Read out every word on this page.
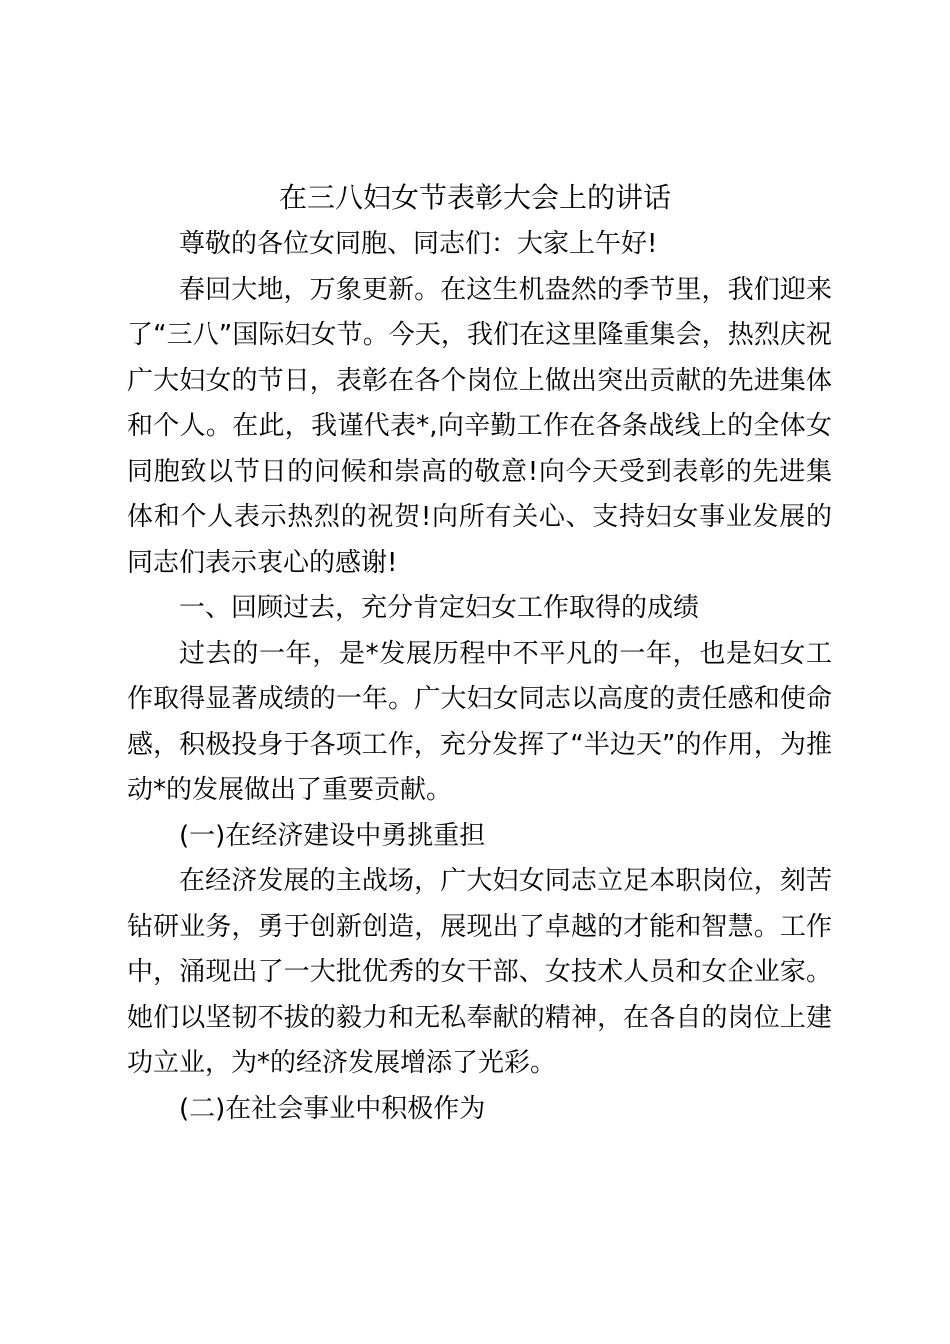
在三八妇女节表彰大会上的讲话

尊敬的各位女同胞、同志们：大家上午好!

春回大地，万象更新。在这生机盎然的季节里，我们迎来了“三八”国际妇女节。今天，我们在这里隆重集会，热烈庆祝广大妇女的节日，表彰在各个岗位上做出突出贡献的先进集体和个人。在此，我谨代表*,向辛勤工作在各条战线上的全体女同胞致以节日的问候和崇高的敬意!向今天受到表彰的先进集体和个人表示热烈的祝贺!向所有关心、支持妇女事业发展的同志们表示衷心的感谢!

一、回顾过去，充分肯定妇女工作取得的成绩

过去的一年，是*发展历程中不平凡的一年，也是妇女工作取得显著成绩的一年。广大妇女同志以高度的责任感和使命感，积极投身于各项工作，充分发挥了“半边天”的作用，为推动*的发展做出了重要贡献。

(一)在经济建设中勇挑重担

在经济发展的主战场，广大妇女同志立足本职岗位，刻苦钻研业务，勇于创新创造，展现出了卓越的才能和智慧。工作中，涌现出了一大批优秀的女干部、女技术人员和女企业家。她们以坚韧不拔的毅力和无私奉献的精神，在各自的岗位上建功立业，为*的经济发展增添了光彩。

(二)在社会事业中积极作为
